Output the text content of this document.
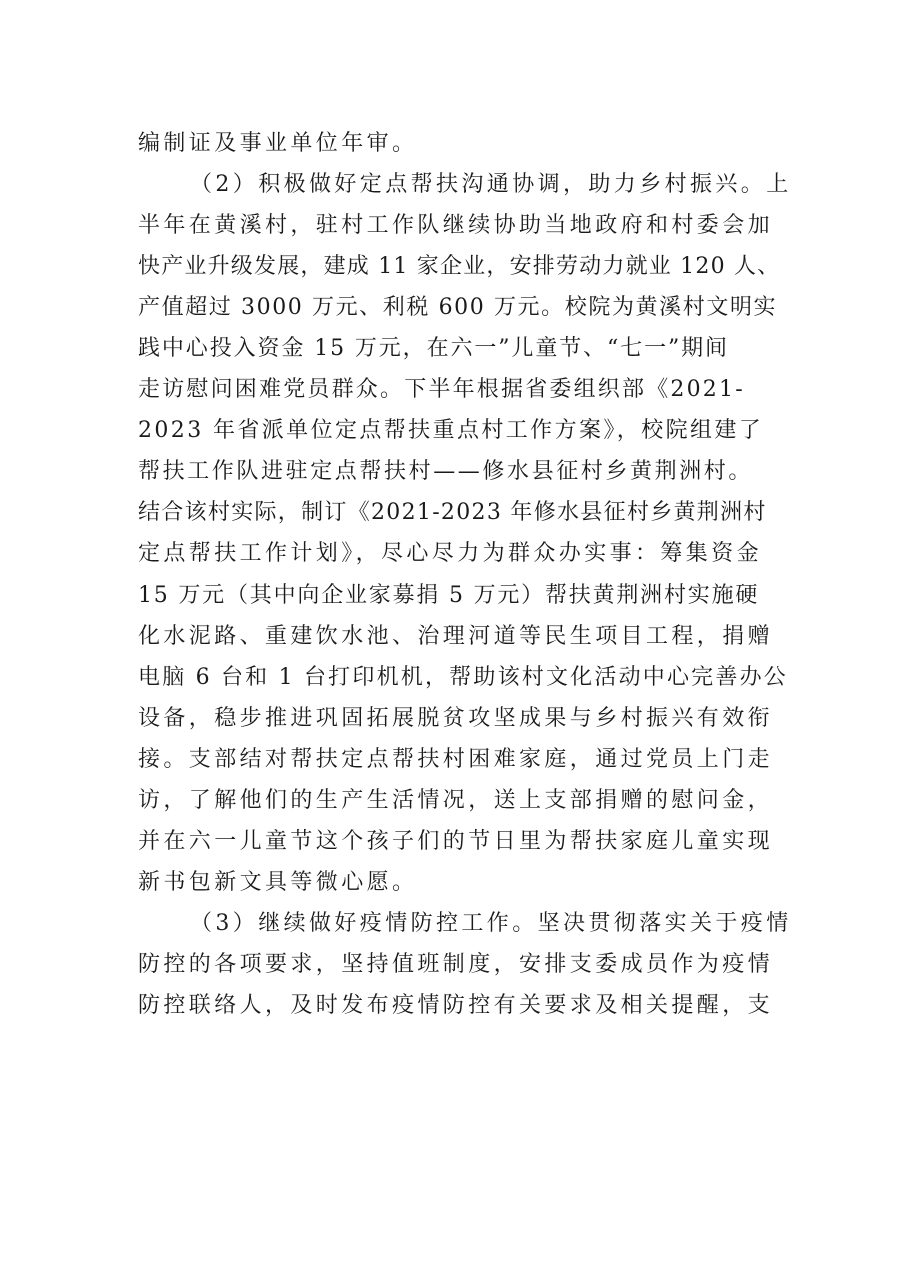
编制证及事业单位年审。
（2）积极做好定点帮扶沟通协调，助力乡村振兴。上
半年在黄溪村，驻村工作队继续协助当地政府和村委会加
快产业升级发展，建成 11 家企业，安排劳动力就业 120 人、
产值超过 3000 万元、利税 600 万元。校院为黄溪村文明实
践中心投入资金 15 万元，在六一”儿童节、“七一”期间
走访慰问困难党员群众。下半年根据省委组织部《2021-
2023 年省派单位定点帮扶重点村工作方案》，校院组建了
帮扶工作队进驻定点帮扶村——修水县征村乡黄荆洲村。
结合该村实际，制订《2021-2023 年修水县征村乡黄荆洲村
定点帮扶工作计划》，尽心尽力为群众办实事：筹集资金
15 万元（其中向企业家募捐 5 万元）帮扶黄荆洲村实施硬
化水泥路、重建饮水池、治理河道等民生项目工程，捐赠
电脑 6 台和 1 台打印机机，帮助该村文化活动中心完善办公
设备，稳步推进巩固拓展脱贫攻坚成果与乡村振兴有效衔
接。支部结对帮扶定点帮扶村困难家庭，通过党员上门走
访，了解他们的生产生活情况，送上支部捐赠的慰问金，
并在六一儿童节这个孩子们的节日里为帮扶家庭儿童实现
新书包新文具等微心愿。
（3）继续做好疫情防控工作。坚决贯彻落实关于疫情
防控的各项要求，坚持值班制度，安排支委成员作为疫情
防控联络人，及时发布疫情防控有关要求及相关提醒，支
